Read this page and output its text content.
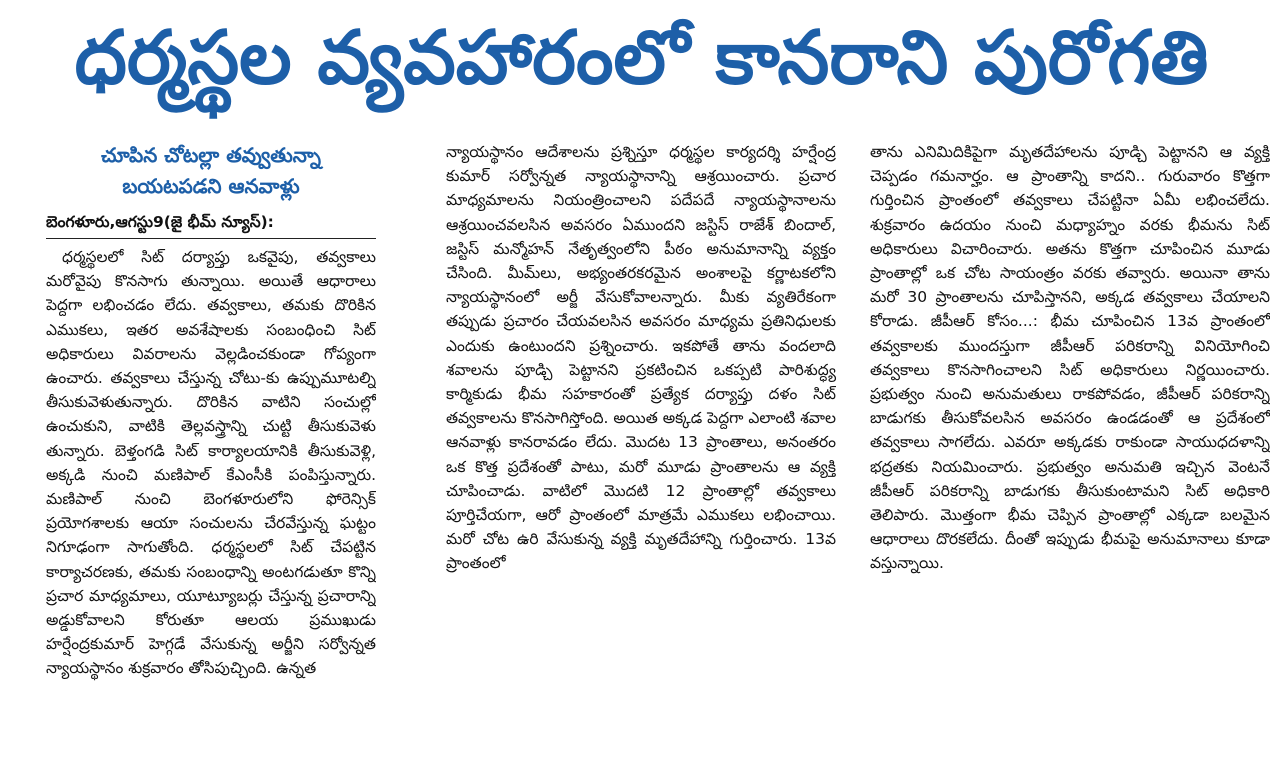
ధర్మస్థల వ్యవహారంలో కానరాని పురోగతి
చూపిన చోటల్లా తవ్వుతున్నా
బయటపడని ఆనవాళ్లు
బెంగళూరు,ఆగస్టు9(జై భీమ్ న్యూస్):

ధర్మస్థలలో సిట్ దర్యాప్తు ఒకవైపు, తవ్వకాలు మరోవైపు కొనసాగు తున్నాయి. అయితే ఆధారాలు పెద్దగా లభించడం లేదు. తవ్వకాలు, తమకు దొరికిన ఎముకలు, ఇతర అవశేషాలకు సంబంధించి సిట్ అధికారులు వివరాలను వెల్లడించకుండా గోప్యంగా ఉంచారు. తవ్వకాలు చేస్తున్న చోటు-కు ఉప్పుమూటల్ని తీసుకువెళుతున్నారు. దొరికిన వాటిని సంచుల్లో ఉంచుకుని, వాటికి తెల్లవస్త్రాన్ని చుట్టి తీసుకువెళు తున్నారు. బెళ్తంగడి సిట్ కార్యాలయానికి తీసుకువెళ్లి, అక్కడి నుంచి మణిపాల్ కేఎంసీకి పంపిస్తున్నారు. మణిపాల్ నుంచి బెంగళూరులోని ఫోరెన్సిక్ ప్రయోగశాలకు ఆయా సంచులను చేరవేస్తున్న ఘట్టం నిగూఢంగా సాగుతోంది. ధర్మస్థలలో సిట్ చేపట్టిన కార్యాచరణకు, తమకు సంబంధాన్ని అంటగడుతూ కొన్ని ప్రచార మాధ్యమాలు, యూట్యూబర్లు చేస్తున్న ప్రచారాన్ని అడ్డుకోవాలని కోరుతూ ఆలయ ప్రముఖుడు హర్షేంద్రకుమార్ హెగ్గడే వేసుకున్న అర్జీని సర్వోన్నత న్యాయస్థానం శుక్రవారం తోసిపుచ్చింది. ఉన్నత

న్యాయస్థానం ఆదేశాలను ప్రశ్నిస్తూ ధర్మస్థల కార్యదర్శి హర్షేంద్ర కుమార్ సర్వోన్నత న్యాయస్థానాన్ని ఆశ్రయించారు. ప్రచార మాధ్యమాలను నియంత్రించాలని పదేపదే న్యాయస్థానాలను ఆశ్రయించవలసిన అవసరం ఏముందని జస్టిస్ రాజేశ్ బిందాల్, జస్టిస్ మన్మోహన్ నేతృత్వంలోని పీఠం అనుమానాన్ని వ్యక్తం చేసింది. మీమ్‌లు, అభ్యంతరకరమైన అంశాలపై కర్ణాటకలోని న్యాయస్థానంలో అర్జీ వేసుకోవాలన్నారు. మీకు వ్యతిరేకంగా తప్పుడు ప్రచారం చేయవలసిన అవసరం మాధ్యమ ప్రతినిధులకు ఎందుకు ఉంటుందని ప్రశ్నించారు. ఇకపోతే తాను వందలాది శవాలను పూడ్చి పెట్టానని ప్రకటించిన ఒకప్పటి పారిశుద్ధ్య కార్మికుడు భీమ సహకారంతో ప్రత్యేక దర్యాప్తు దళం సిట్ తవ్వకాలను కొనసాగిస్తోంది. అయిత అక్కడ పెద్దగా ఎలాంటి శవాల ఆనవాళ్లు కానరావడం లేదు. మొదట 13 ప్రాంతాలు, అనంతరం ఒక కొత్త ప్రదేశంతో పాటు, మరో మూడు ప్రాంతాలను ఆ వ్యక్తి చూపించాడు. వాటిలో మొదటి 12 ప్రాంతాల్లో తవ్వకాలు పూర్తిచేయగా, ఆరో ప్రాంతంలో మాత్రమే ఎముకలు లభించాయి. మరో చోట ఉరి వేసుకున్న వ్యక్తి మృతదేహాన్ని గుర్తించారు. 13వ ప్రాంతంలో

తాను ఎనిమిదికిపైగా మృతదేహాలను పూడ్చి పెట్టానని ఆ వ్యక్తి చెప్పడం గమనార్హం. ఆ ప్రాంతాన్ని కాదని.. గురువారం కొత్తగా గుర్తించిన ప్రాంతంలో తవ్వకాలు చేపట్టినా ఏమీ లభించలేదు. శుక్రవారం ఉదయం నుంచి మధ్యాహ్నం వరకు భీమను సిట్ అధికారులు విచారించారు. అతను కొత్తగా చూపించిన మూడు ప్రాంతాల్లో ఒక చోట సాయంత్రం వరకు తవ్వారు. అయినా తాను మరో 30 ప్రాంతాలను చూపిస్తానని, అక్కడ తవ్వకాలు చేయాలని కోరాడు. జీపీఆర్ కోసం...: భీమ చూపించిన 13వ ప్రాంతంలో తవ్వకాలకు ముందస్తుగా జీపీఆర్ పరికరాన్ని వినియోగించి తవ్వకాలు కొనసాగించాలని సిట్ అధికారులు నిర్ణయించారు. ప్రభుత్వం నుంచి అనుమతులు రాకపోవడం, జీపీఆర్ పరికరాన్ని బాడుగకు తీసుకోవలసిన అవసరం ఉండడంతో ఆ ప్రదేశంలో తవ్వకాలు సాగలేదు. ఎవరూ అక్కడకు రాకుండా సాయుధదళాన్ని భద్రతకు నియమించారు. ప్రభుత్వం అనుమతి ఇచ్చిన వెంటనే జీపీఆర్ పరికరాన్ని బాడుగకు తీసుకుంటామని సిట్ అధికారి తెలిపారు. మొత్తంగా భీమ చెప్పిన ప్రాంతాల్లో ఎక్కడా బలమైన ఆధారాలు దొరకలేదు. దీంతో ఇప్పుడు భీమపై అనుమానాలు కూడా వస్తున్నాయి.
